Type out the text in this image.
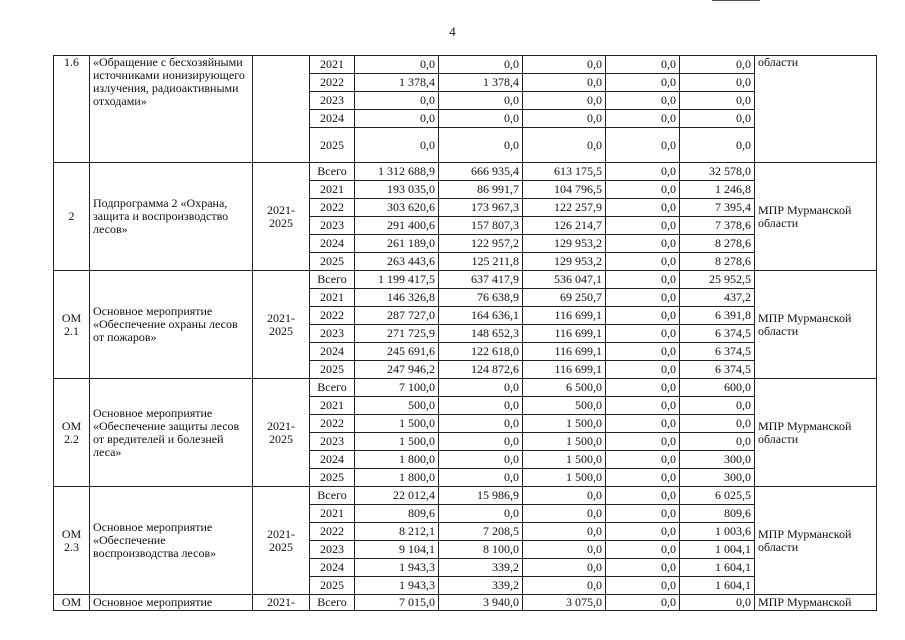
4
1.6	«Обращение с бесхозяйными источниками ионизирующего излучения, радиоактивными отходами»		2021	0,0	0,0	0,0	0,0	0,0	области
			2022	1 378,4	1 378,4	0,0	0,0	0,0	
			2023	0,0	0,0	0,0	0,0	0,0	
			2024	0,0	0,0	0,0	0,0	0,0	
			2025	0,0	0,0	0,0	0,0	0,0	
2	Подпрограмма 2 «Охрана, защита и воспроизводство лесов»	2021-2025	Всего	1 312 688,9	666 935,4	613 175,5	0,0	32 578,0	МПР Мурманской области
			2021	193 035,0	86 991,7	104 796,5	0,0	1 246,8	
			2022	303 620,6	173 967,3	122 257,9	0,0	7 395,4	
			2023	291 400,6	157 807,3	126 214,7	0,0	7 378,6	
			2024	261 189,0	122 957,2	129 953,2	0,0	8 278,6	
			2025	263 443,6	125 211,8	129 953,2	0,0	8 278,6	
ОМ 2.1	Основное мероприятие «Обеспечение охраны лесов от пожаров»	2021-2025	Всего	1 199 417,5	637 417,9	536 047,1	0,0	25 952,5	МПР Мурманской области
			2021	146 326,8	76 638,9	69 250,7	0,0	437,2	
			2022	287 727,0	164 636,1	116 699,1	0,0	6 391,8	
			2023	271 725,9	148 652,3	116 699,1	0,0	6 374,5	
			2024	245 691,6	122 618,0	116 699,1	0,0	6 374,5	
			2025	247 946,2	124 872,6	116 699,1	0,0	6 374,5	
ОМ 2.2	Основное мероприятие «Обеспечение защиты лесов от вредителей и болезней леса»	2021-2025	Всего	7 100,0	0,0	6 500,0	0,0	600,0	МПР Мурманской области
			2021	500,0	0,0	500,0	0,0	0,0	
			2022	1 500,0	0,0	1 500,0	0,0	0,0	
			2023	1 500,0	0,0	1 500,0	0,0	0,0	
			2024	1 800,0	0,0	1 500,0	0,0	300,0	
			2025	1 800,0	0,0	1 500,0	0,0	300,0	
ОМ 2.3	Основное мероприятие «Обеспечение воспроизводства лесов»	2021-2025	Всего	22 012,4	15 986,9	0,0	0,0	6 025,5	МПР Мурманской области
			2021	809,6	0,0	0,0	0,0	809,6	
			2022	8 212,1	7 208,5	0,0	0,0	1 003,6	
			2023	9 104,1	8 100,0	0,0	0,0	1 004,1	
			2024	1 943,3	339,2	0,0	0,0	1 604,1	
			2025	1 943,3	339,2	0,0	0,0	1 604,1	
ОМ	Основное мероприятие	2021-	Всего	7 015,0	3 940,0	3 075,0	0,0	0,0	МПР Мурманской
